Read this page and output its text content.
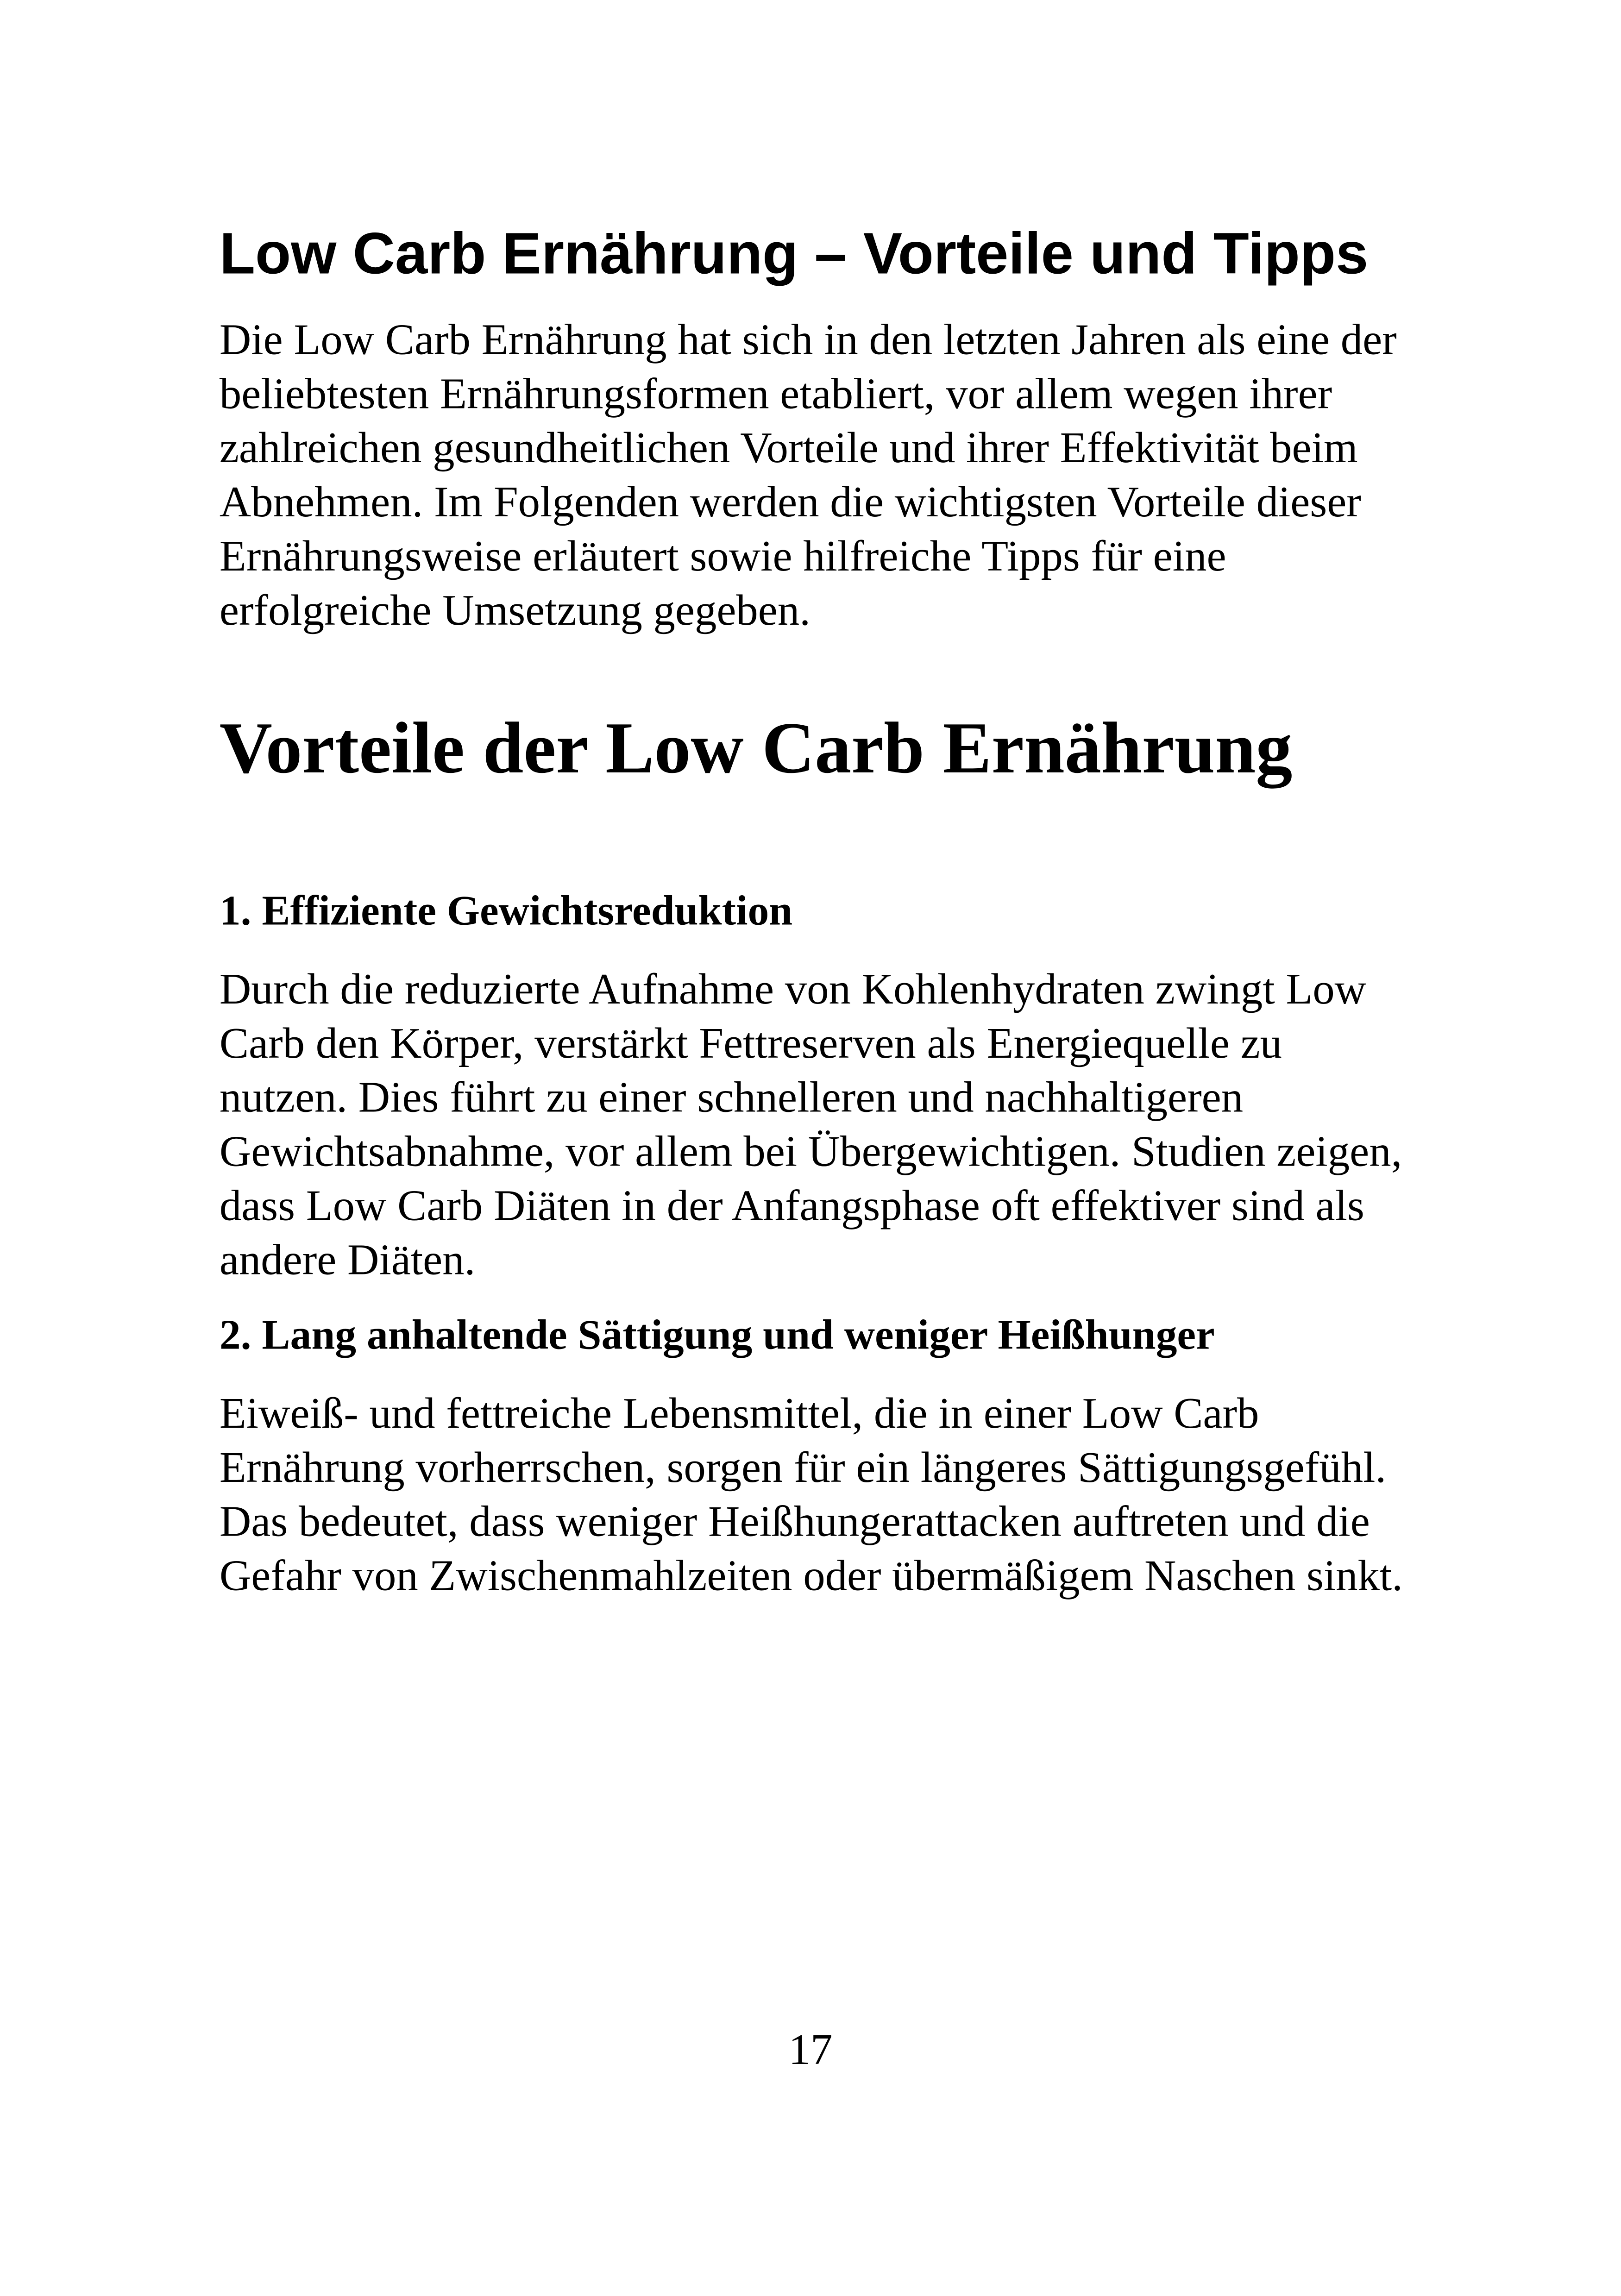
Low Carb Ernährung – Vorteile und Tipps

Die Low Carb Ernährung hat sich in den letzten Jahren als eine der beliebtesten Ernährungsformen etabliert, vor allem wegen ihrer zahlreichen gesundheitlichen Vorteile und ihrer Effektivität beim Abnehmen. Im Folgenden werden die wichtigsten Vorteile dieser Ernährungsweise erläutert sowie hilfreiche Tipps für eine erfolgreiche Umsetzung gegeben.

Vorteile der Low Carb Ernährung
1. Effiziente Gewichtsreduktion

Durch die reduzierte Aufnahme von Kohlenhydraten zwingt Low Carb den Körper, verstärkt Fettreserven als Energiequelle zu nutzen. Dies führt zu einer schnelleren und nachhaltigeren Gewichtsabnahme, vor allem bei Übergewichtigen. Studien zeigen, dass Low Carb Diäten in der Anfangsphase oft effektiver sind als andere Diäten.

2. Lang anhaltende Sättigung und weniger Heißhunger

Eiweiß- und fettreiche Lebensmittel, die in einer Low Carb Ernährung vorherrschen, sorgen für ein längeres Sättigungsgefühl. Das bedeutet, dass weniger Heißhungerattacken auftreten und die Gefahr von Zwischenmahlzeiten oder übermäßigem Naschen sinkt.

17
